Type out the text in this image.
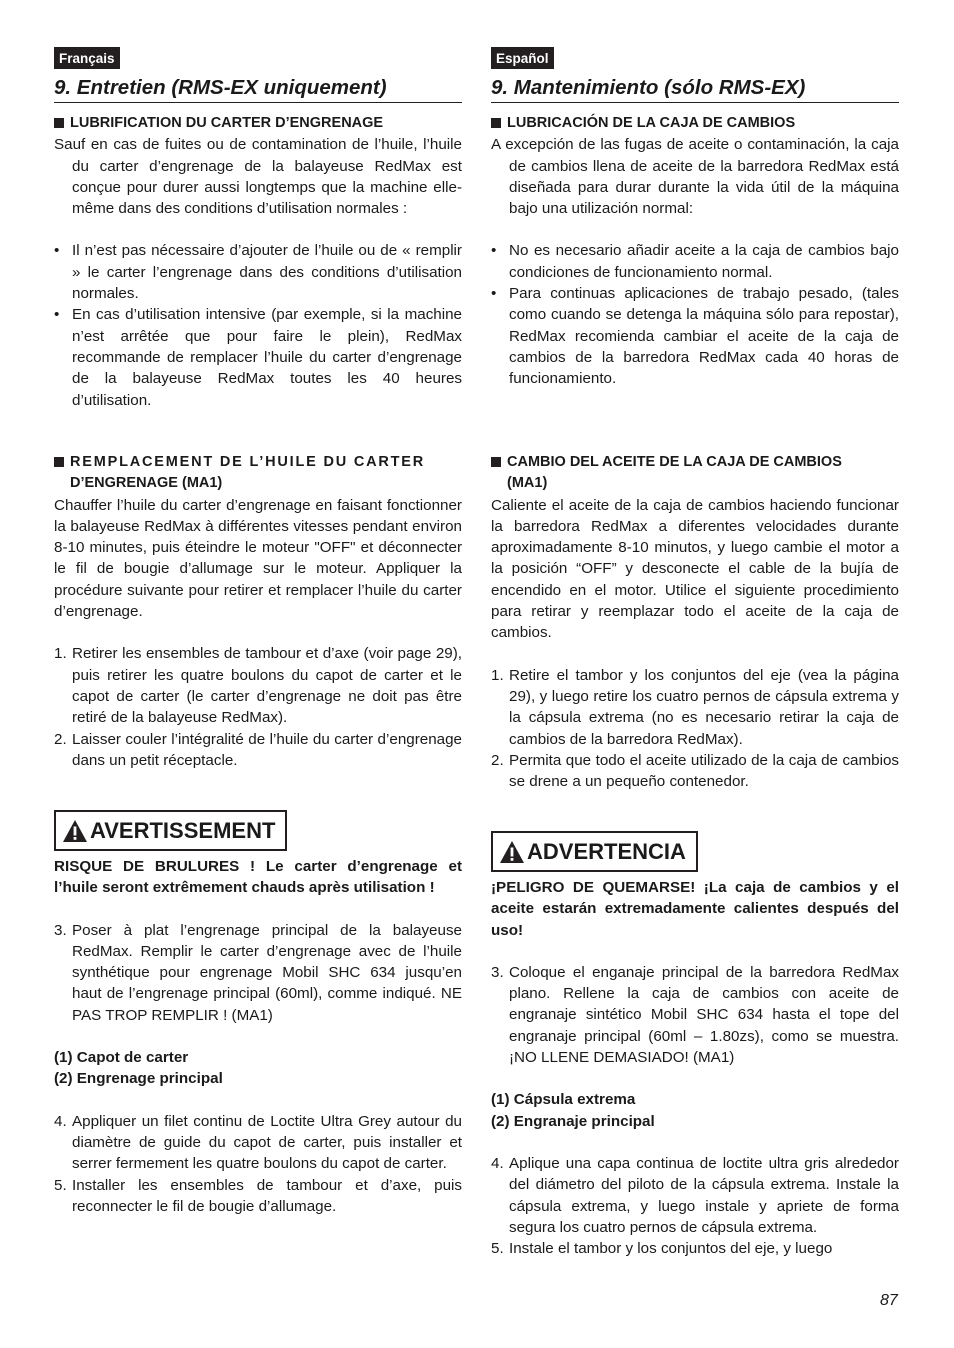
Français
9. Entretien (RMS-EX uniquement)
LUBRIFICATION DU CARTER D’ENGRENAGE
Sauf en cas de fuites ou de contamination de l’huile, l’huile du carter d’engrenage de la balayeuse RedMax est conçue pour durer aussi longtemps que la machine elle-même dans des conditions d’utilisation normales :
• Il n’est pas nécessaire d’ajouter de l’huile ou de « remplir » le carter l’engrenage dans des conditions d’utilisation normales.
• En cas d’utilisation intensive (par exemple, si la machine n’est arrêtée que pour faire le plein), RedMax recommande de remplacer l’huile du carter d’engrenage de la balayeuse RedMax toutes les 40 heures d’utilisation.
REMPLACEMENT DE L’HUILE DU CARTER
D’ENGRENAGE (MA1)
Chauffer l’huile du carter d’engrenage en faisant fonctionner la balayeuse RedMax à différentes vitesses pendant environ 8-10 minutes, puis éteindre le moteur "OFF" et déconnecter le fil de bougie d’allumage sur le moteur. Appliquer la procédure suivante pour retirer et remplacer l’huile du carter d’engrenage.
1. Retirer les ensembles de tambour et d’axe (voir page 29), puis retirer les quatre boulons du capot de carter et le capot de carter (le carter d’engrenage ne doit pas être retiré de la balayeuse RedMax).
2. Laisser couler l’intégralité de l’huile du carter d’engrenage dans un petit réceptacle.
AVERTISSEMENT
RISQUE DE BRULURES ! Le carter d’engrenage et l’huile seront extrêmement chauds après utilisation !
3. Poser à plat l’engrenage principal de la balayeuse RedMax. Remplir le carter d’engrenage avec de l’huile synthétique pour engrenage Mobil SHC 634 jusqu’en haut de l’engrenage principal (60ml), comme indiqué. NE PAS TROP REMPLIR ! (MA1)
(1) Capot de carter
(2) Engrenage principal
4. Appliquer un filet continu de Loctite Ultra Grey autour du diamètre de guide du capot de carter, puis installer et serrer fermement les quatre boulons du capot de carter.
5. Installer les ensembles de tambour et d’axe, puis reconnecter le fil de bougie d’allumage.
Español
9. Mantenimiento (sólo RMS-EX)
LUBRICACIÓN DE LA CAJA DE CAMBIOS
A excepción de las fugas de aceite o contaminación, la caja de cambios llena de aceite de la barredora RedMax está diseñada para durar durante la vida útil de la máquina bajo una utilización normal:
• No es necesario añadir aceite a la caja de cambios bajo condiciones de funcionamiento normal.
• Para continuas aplicaciones de trabajo pesado, (tales como cuando se detenga la máquina sólo para repostar), RedMax recomienda cambiar el aceite de la caja de cambios de la barredora RedMax cada 40 horas de funcionamiento.
CAMBIO DEL ACEITE DE LA CAJA DE CAMBIOS
(MA1)
Caliente el aceite de la caja de cambios haciendo funcionar la barredora RedMax a diferentes velocidades durante aproximadamente 8-10 minutos, y luego cambie el motor a la posición “OFF” y desconecte el cable de la bujía de encendido en el motor. Utilice el siguiente procedimiento para retirar y reemplazar todo el aceite de la caja de cambios.
1. Retire el tambor y los conjuntos del eje (vea la página 29), y luego retire los cuatro pernos de cápsula extrema y la cápsula extrema (no es necesario retirar la caja de cambios de la barredora RedMax).
2. Permita que todo el aceite utilizado de la caja de cambios se drene a un pequeño contenedor.
ADVERTENCIA
¡PELIGRO DE QUEMARSE! ¡La caja de cambios y el aceite estarán extremadamente calientes después del uso!
3. Coloque el enganaje principal de la barredora RedMax plano. Rellene la caja de cambios con aceite de engranaje sintético Mobil SHC 634 hasta el tope del engranaje principal (60ml – 1.80zs), como se muestra. ¡NO LLENE DEMASIADO! (MA1)
(1) Cápsula extrema
(2) Engranaje principal
4. Aplique una capa continua de loctite ultra gris alrededor del diámetro del piloto de la cápsula extrema. Instale la cápsula extrema, y luego instale y apriete de forma segura los cuatro pernos de cápsula extrema.
5. Instale el tambor y los conjuntos del eje, y luego
87
